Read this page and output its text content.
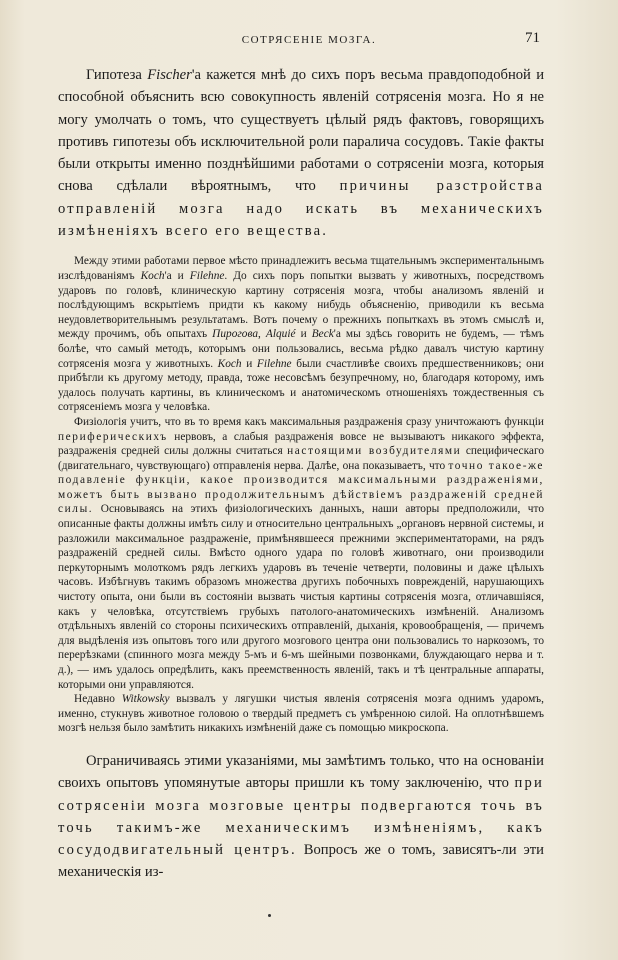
СОТРЯСЕНІЕ МОЗГА.	71

Гипотеза Fischer'а кажется мнѣ до сихъ поръ весьма правдоподобной и способной объяснить всю совокупность явленій сотрясенія мозга. Но я не могу умолчать о томъ, что существуетъ цѣлый рядъ фактовъ, говорящихъ противъ гипотезы объ исключительной роли паралича сосудовъ. Такіе факты были открыты именно позднѣйшими работами о сотрясеніи мозга, которыя снова сдѣлали вѣроятнымъ, что причины разстройства отправленій мозга надо искать въ механическихъ измѣненіяхъ всего его вещества.

Между этими работами первое мѣсто принадлежитъ весьма тщательнымъ экспериментальнымъ изслѣдованіямъ Koch'а и Filehne. До сихъ поръ попытки вызвать у животныхъ, посредствомъ ударовъ по головѣ, клиническую картину сотрясенія мозга, чтобы анализомъ явленій и послѣдующимъ вскрытіемъ придти къ какому нибудь объясненію, приводили къ весьма неудовлетворительнымъ результатамъ. Вотъ почему о прежнихъ попыткахъ въ этомъ смыслѣ и, между прочимъ, объ опытахъ Пирогова, Alquié и Beck'а мы здѣсь говорить не будемъ, — тѣмъ болѣе, что самый методъ, которымъ они пользовались, весьма рѣдко давалъ чистую картину сотрясенія мозга у животныхъ. Koch и Filehne были счастливѣе своихъ предшественниковъ; они прибѣгли къ другому методу, правда, тоже несовсѣмъ безупречному, но, благодаря которому, имъ удалось получать картины, въ клиническомъ и анатомическомъ отношеніяхъ тождественныя съ сотрясеніемъ мозга у человѣка.

Физіологія учитъ, что въ то время какъ максимальныя раздраженія сразу уничтожаютъ функціи периферическихъ нервовъ, а слабыя раздраженія вовсе не вызываютъ никакого эффекта, раздраженія средней силы должны считаться настоящими возбудителями специфическаго (двигательнаго, чувствующаго) отправленія нерва. Далѣе, она показываетъ, что точно такое-же подавленіе функціи, какое производится максимальными раздраженіями, можетъ быть вызвано продолжительнымъ дѣйствіемъ раздраженій средней силы. Основываясь на этихъ физіологическихъ данныхъ, наши авторы предположили, что описанные факты должны имѣть силу и относительно центральныхъ „органовъ нервной системы, и разложили максимальное раздраженіе, примѣнявшееся прежними экспериментаторами, на рядъ раздраженій средней силы. Вмѣсто одного удара по головѣ животнаго, они производили перкуторнымъ молоткомъ рядъ легкихъ ударовъ въ теченіе четверти, половины и даже цѣлыхъ часовъ. Избѣгнувъ такимъ образомъ множества другихъ побочныхъ поврежденій, нарушающихъ чистоту опыта, они были въ состояніи вызвать чистыя картины сотрясенія мозга, отличавшіяся, какъ у человѣка, отсутствіемъ грубыхъ патолого-анатомическихъ измѣненій. Анализомъ отдѣльныхъ явленій со стороны психическихъ отправленій, дыханія, кровообращенія, — причемъ для выдѣленія изъ опытовъ того или другого мозгового центра они пользовались то наркозомъ, то перерѣзками (спинного мозга между 5-мъ и 6-мъ шейными позвонками, блуждающаго нерва и т. д.), — имъ удалось опредѣлить, какъ преемственность явленій, такъ и тѣ центральные аппараты, которыми они управляются.

Недавно Witkowsky вызвалъ у лягушки чистыя явленія сотрясенія мозга однимъ ударомъ, именно, стукнувъ животное головою о твердый предметъ съ умѣренною силой. На оплотнѣвшемъ мозгѣ нельзя было замѣтить никакихъ измѣненій даже съ помощью микроскопа.

Ограничиваясь этими указаніями, мы замѣтимъ только, что на основаніи своихъ опытовъ упомянутые авторы пришли къ тому заключенію, что при сотрясеніи мозга мозговые центры подвергаются точь въ точь такимъ-же механическимъ измѣненіямъ, какъ сосудодвигательный центръ. Вопросъ же о томъ, зависятъ-ли эти механическія из-
